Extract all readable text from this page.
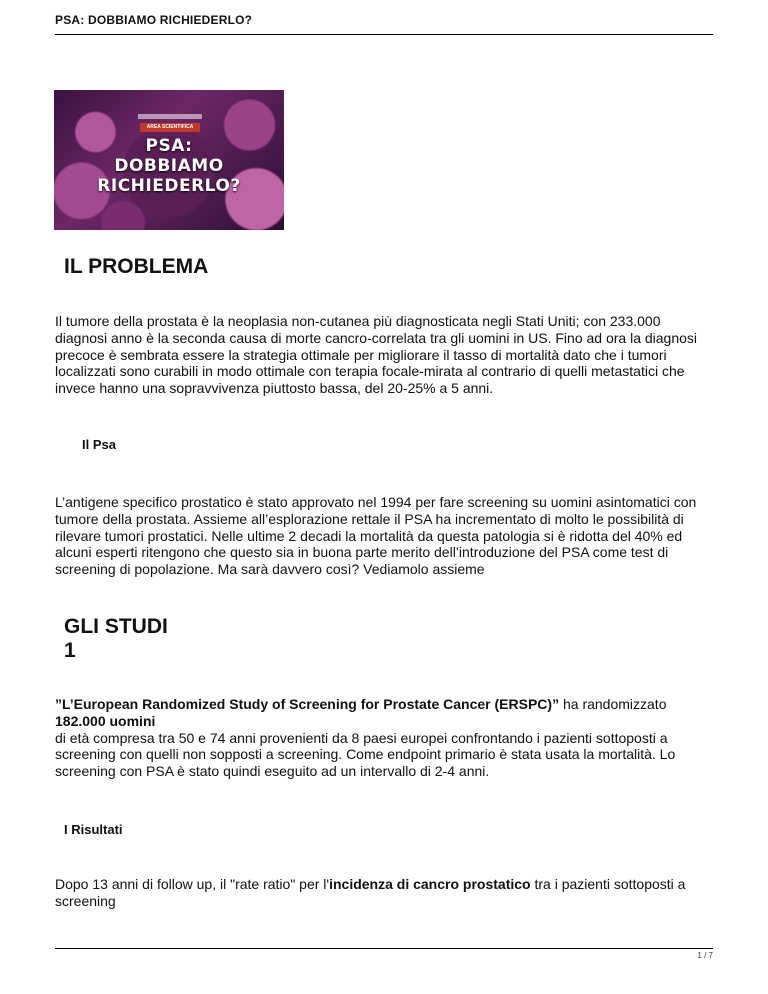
PSA: DOBBIAMO RICHIEDERLO?
AREA SCIENTIFICA
PSA:
DOBBIAMO
RICHIEDERLO?
IL PROBLEMA

Il tumore della prostata è la neoplasia non-cutanea più diagnosticata negli Stati Uniti; con 233.000 diagnosi anno è la seconda causa di morte cancro-correlata tra gli uomini in US. Fino ad ora la diagnosi precoce è sembrata essere la strategia ottimale per migliorare il tasso di mortalità dato che i tumori localizzati sono curabili in modo ottimale con terapia focale-mirata al contrario di quelli metastatici che invece hanno una sopravvivenza piuttosto bassa, del 20-25% a 5 anni.

Il Psa

L’antigene specifico prostatico è stato approvato nel 1994 per fare screening su uomini asintomatici con tumore della prostata. Assieme all’esplorazione rettale il PSA ha incrementato di molto le possibilità di rilevare tumori prostatici. Nelle ultime 2 decadi la mortalità da questa patologia si è ridotta del 40% ed alcuni esperti ritengono che questo sia in buona parte merito dell’introduzione del PSA come test di screening di popolazione. Ma sarà davvero così? Vediamolo assieme

GLI STUDI
1

”L’European Randomized Study of Screening for Prostate Cancer (ERSPC)” ha randomizzato
182.000 uomini
di età compresa tra 50 e 74 anni provenienti da 8 paesi europei confrontando i pazienti sottoposti a screening con quelli non sopposti a screening. Come endpoint primario è stata usata la mortalità. Lo screening con PSA è stato quindi eseguito ad un intervallo di 2-4 anni.

I Risultati

Dopo 13 anni di follow up, il "rate ratio" per l'incidenza di cancro prostatico tra i pazienti sottoposti a screening

1 / 7
